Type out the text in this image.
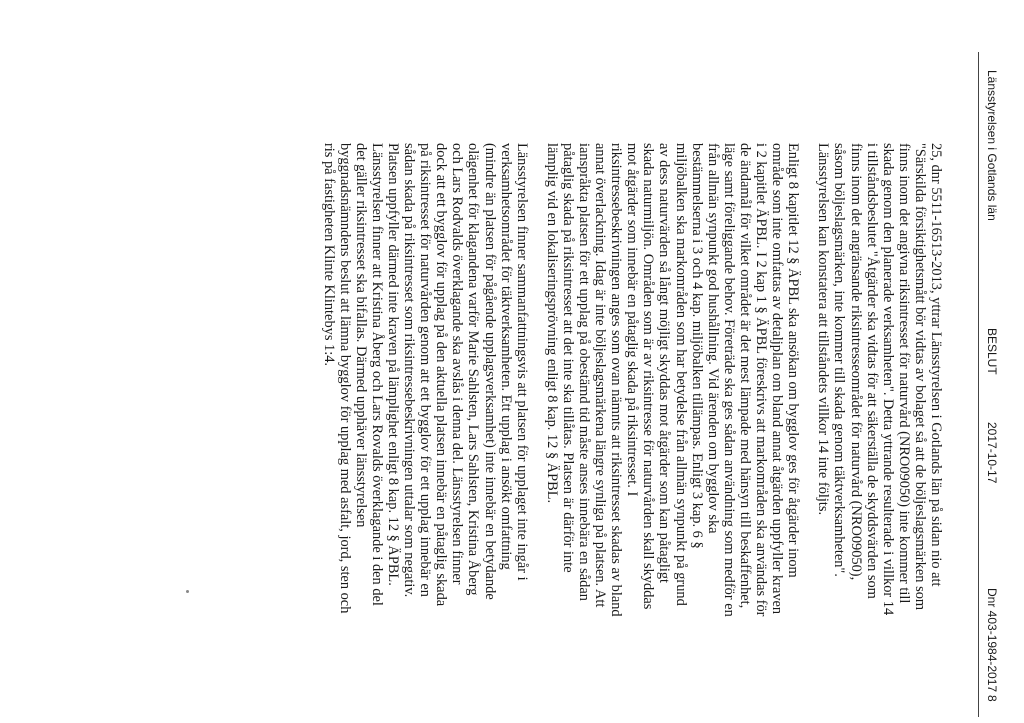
Länsstyrelsen i Gotlands län
BESLUT
2017-10-17
Dnr 403-1984-2017
8
25, dnr 5511-16513-2013, yttrar Länsstyrelsen i Gotlands län på sidan nio att
"Särskilda försiktighetsmått bör vidtas av bolaget så att de böljeslagsmärken som
finns inom det angivna riksintresset för naturvård (NRO09050) inte kommer till
skada genom den planerade verksamheten". Detta yttrande resulterade i villkor 14
i tillståndsbeslutet "Åtgärder ska vidtas för att säkerställa de skyddsvärden som
finns inom det angränsande riksintresseområdet för naturvård (NRO09050),
såsom böljeslagsmärken, inte kommer till skada genom täktverksamheten".
Länsstyrelsen kan konstatera att tillståndets villkor 14 inte följts.
Enligt 8 kapitlet 12 § ÄPBL ska ansökan om bygglov ges för åtgärder inom
område som inte omfattas av detaljplan om bland annat åtgärden uppfyller kraven
i 2 kapitlet ÄPBL. I 2 kap 1 § ÄPBL föreskrivs att markområden ska användas för
de ändamål för vilket området är det mest lämpade med hänsyn till beskaffenhet,
läge samt föreliggande behov. Företräde ska ges sådan användning som medför en
från allmän synpunkt god hushållning. Vid ärenden om bygglov ska
bestämmelserna i 3 och 4 kap. miljöbalken tillämpas. Enligt 3 kap. 6 §
miljöbalken ska markområden som har betydelse från allmän synpunkt på grund
av dess naturvärden så långt möjligt skyddas mot åtgärder som kan påtagligt
skada naturmiljön. Områden som är av riksintresse för naturvården skall skyddas
mot åtgärder som innebär en påtaglig skada på riksintresset. I
riksintressebeskrivningen anges som ovan nämnts att riksintresset skadas av bland
annat överlackning. Idag är inte böljeslagsmärkena längre synliga på platsen. Att
ianspråkta platsen för ett upplag på obestämd tid måste anses innebära en sådan
påtaglig skada på riksintresset att det inte ska tillåtas. Platsen är därför inte
lämplig vid en lokaliseringsprövning enligt 8 kap. 12 § ÄPBL.
Länsstyrelsen finner sammanfattningsvis att platsen för upplaget inte ingår i
verksamhetsområdet för täktverksamheten. Ett upplag i ansökt omfattning
(mindre än platsen för pågående upplagsverksamhet) inte innebär en betydande
olägenhet för klagandena varför Marie Sahlsten, Lars Sahlsten, Kristina Åberg
och Lars Rodvalds överklagande ska avslås i denna del. Länsstyrelsen finner
dock att ett bygglov för upplag på den aktuella platsen innebär en påtaglig skada
på riksintresset för naturvården genom att ett bygglov för ett upplag innebär en
sådan skada på riksintresset som riksintressebeskrivningen uttalar som negativ.
Platsen uppfyller därmed inte kraven på lämplighet enligt 8 kap. 12 § ÄPBL.
Länsstyrelsen finner att Kristina Åberg och Lars Rovalds överklagande i den del
det gäller riksintresset ska bifallas. Därmed upphäver länsstyrelsen
byggnadsnämndens beslut att lämna bygglov för upplag med asfalt, jord, sten och
ris på fastigheten Klinte Klintebys 1:4.
